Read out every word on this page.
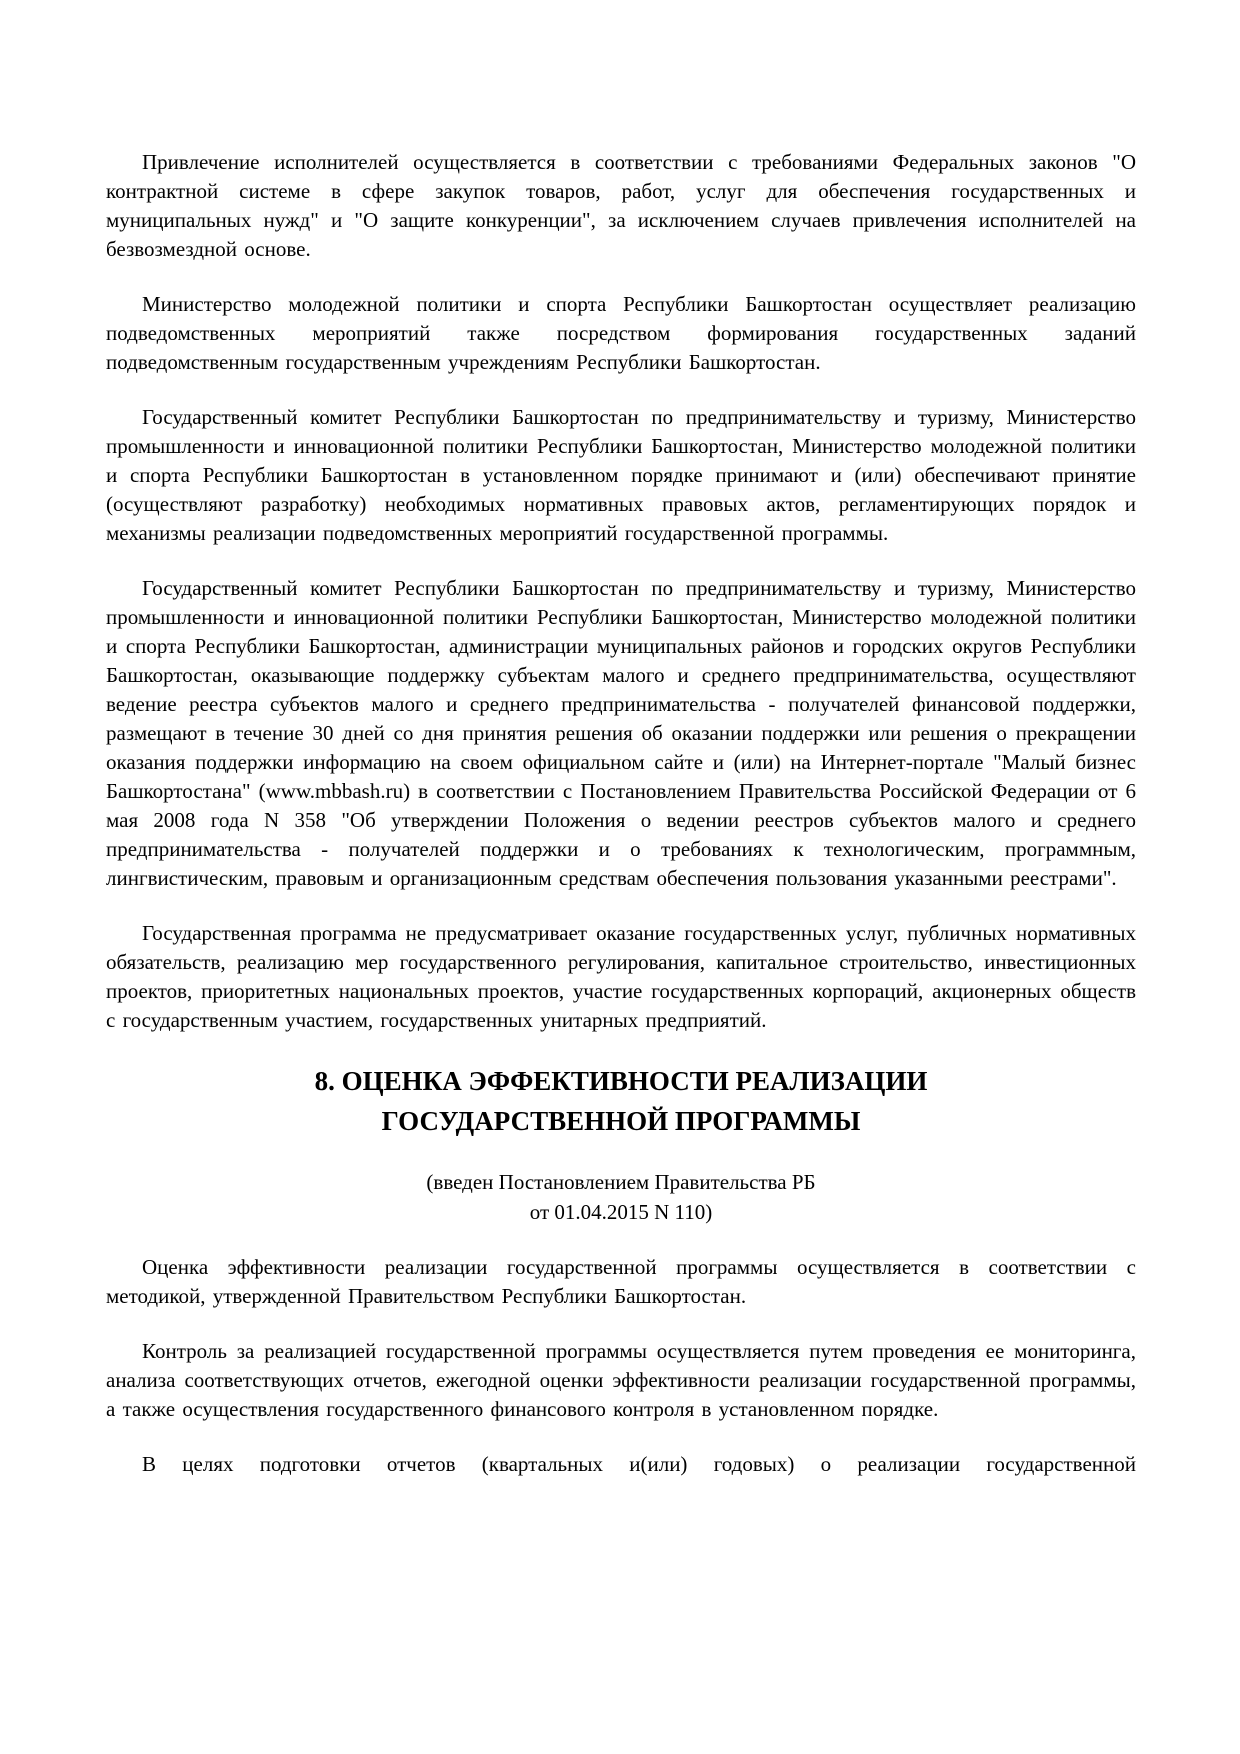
Привлечение исполнителей осуществляется в соответствии с требованиями Федеральных законов "О контрактной системе в сфере закупок товаров, работ, услуг для обеспечения государственных и муниципальных нужд" и "О защите конкуренции", за исключением случаев привлечения исполнителей на безвозмездной основе.

Министерство молодежной политики и спорта Республики Башкортостан осуществляет реализацию подведомственных мероприятий также посредством формирования государственных заданий подведомственным государственным учреждениям Республики Башкортостан.

Государственный комитет Республики Башкортостан по предпринимательству и туризму, Министерство промышленности и инновационной политики Республики Башкортостан, Министерство молодежной политики и спорта Республики Башкортостан в установленном порядке принимают и (или) обеспечивают принятие (осуществляют разработку) необходимых нормативных правовых актов, регламентирующих порядок и механизмы реализации подведомственных мероприятий государственной программы.

Государственный комитет Республики Башкортостан по предпринимательству и туризму, Министерство промышленности и инновационной политики Республики Башкортостан, Министерство молодежной политики и спорта Республики Башкортостан, администрации муниципальных районов и городских округов Республики Башкортостан, оказывающие поддержку субъектам малого и среднего предпринимательства, осуществляют ведение реестра субъектов малого и среднего предпринимательства - получателей финансовой поддержки, размещают в течение 30 дней со дня принятия решения об оказании поддержки или решения о прекращении оказания поддержки информацию на своем официальном сайте и (или) на Интернет-портале "Малый бизнес Башкортостана" (www.mbbash.ru) в соответствии с Постановлением Правительства Российской Федерации от 6 мая 2008 года N 358 "Об утверждении Положения о ведении реестров субъектов малого и среднего предпринимательства - получателей поддержки и о требованиях к технологическим, программным, лингвистическим, правовым и организационным средствам обеспечения пользования указанными реестрами".

Государственная программа не предусматривает оказание государственных услуг, публичных нормативных обязательств, реализацию мер государственного регулирования, капитальное строительство, инвестиционных проектов, приоритетных национальных проектов, участие государственных корпораций, акционерных обществ с государственным участием, государственных унитарных предприятий.

8. ОЦЕНКА ЭФФЕКТИВНОСТИ РЕАЛИЗАЦИИ
ГОСУДАРСТВЕННОЙ ПРОГРАММЫ
(введен Постановлением Правительства РБ
от 01.04.2015 N 110)

Оценка эффективности реализации государственной программы осуществляется в соответствии с методикой, утвержденной Правительством Республики Башкортостан.

Контроль за реализацией государственной программы осуществляется путем проведения ее мониторинга, анализа соответствующих отчетов, ежегодной оценки эффективности реализации государственной программы, а также осуществления государственного финансового контроля в установленном порядке.

В целях подготовки отчетов (квартальных и(или) годовых) о реализации государственной
